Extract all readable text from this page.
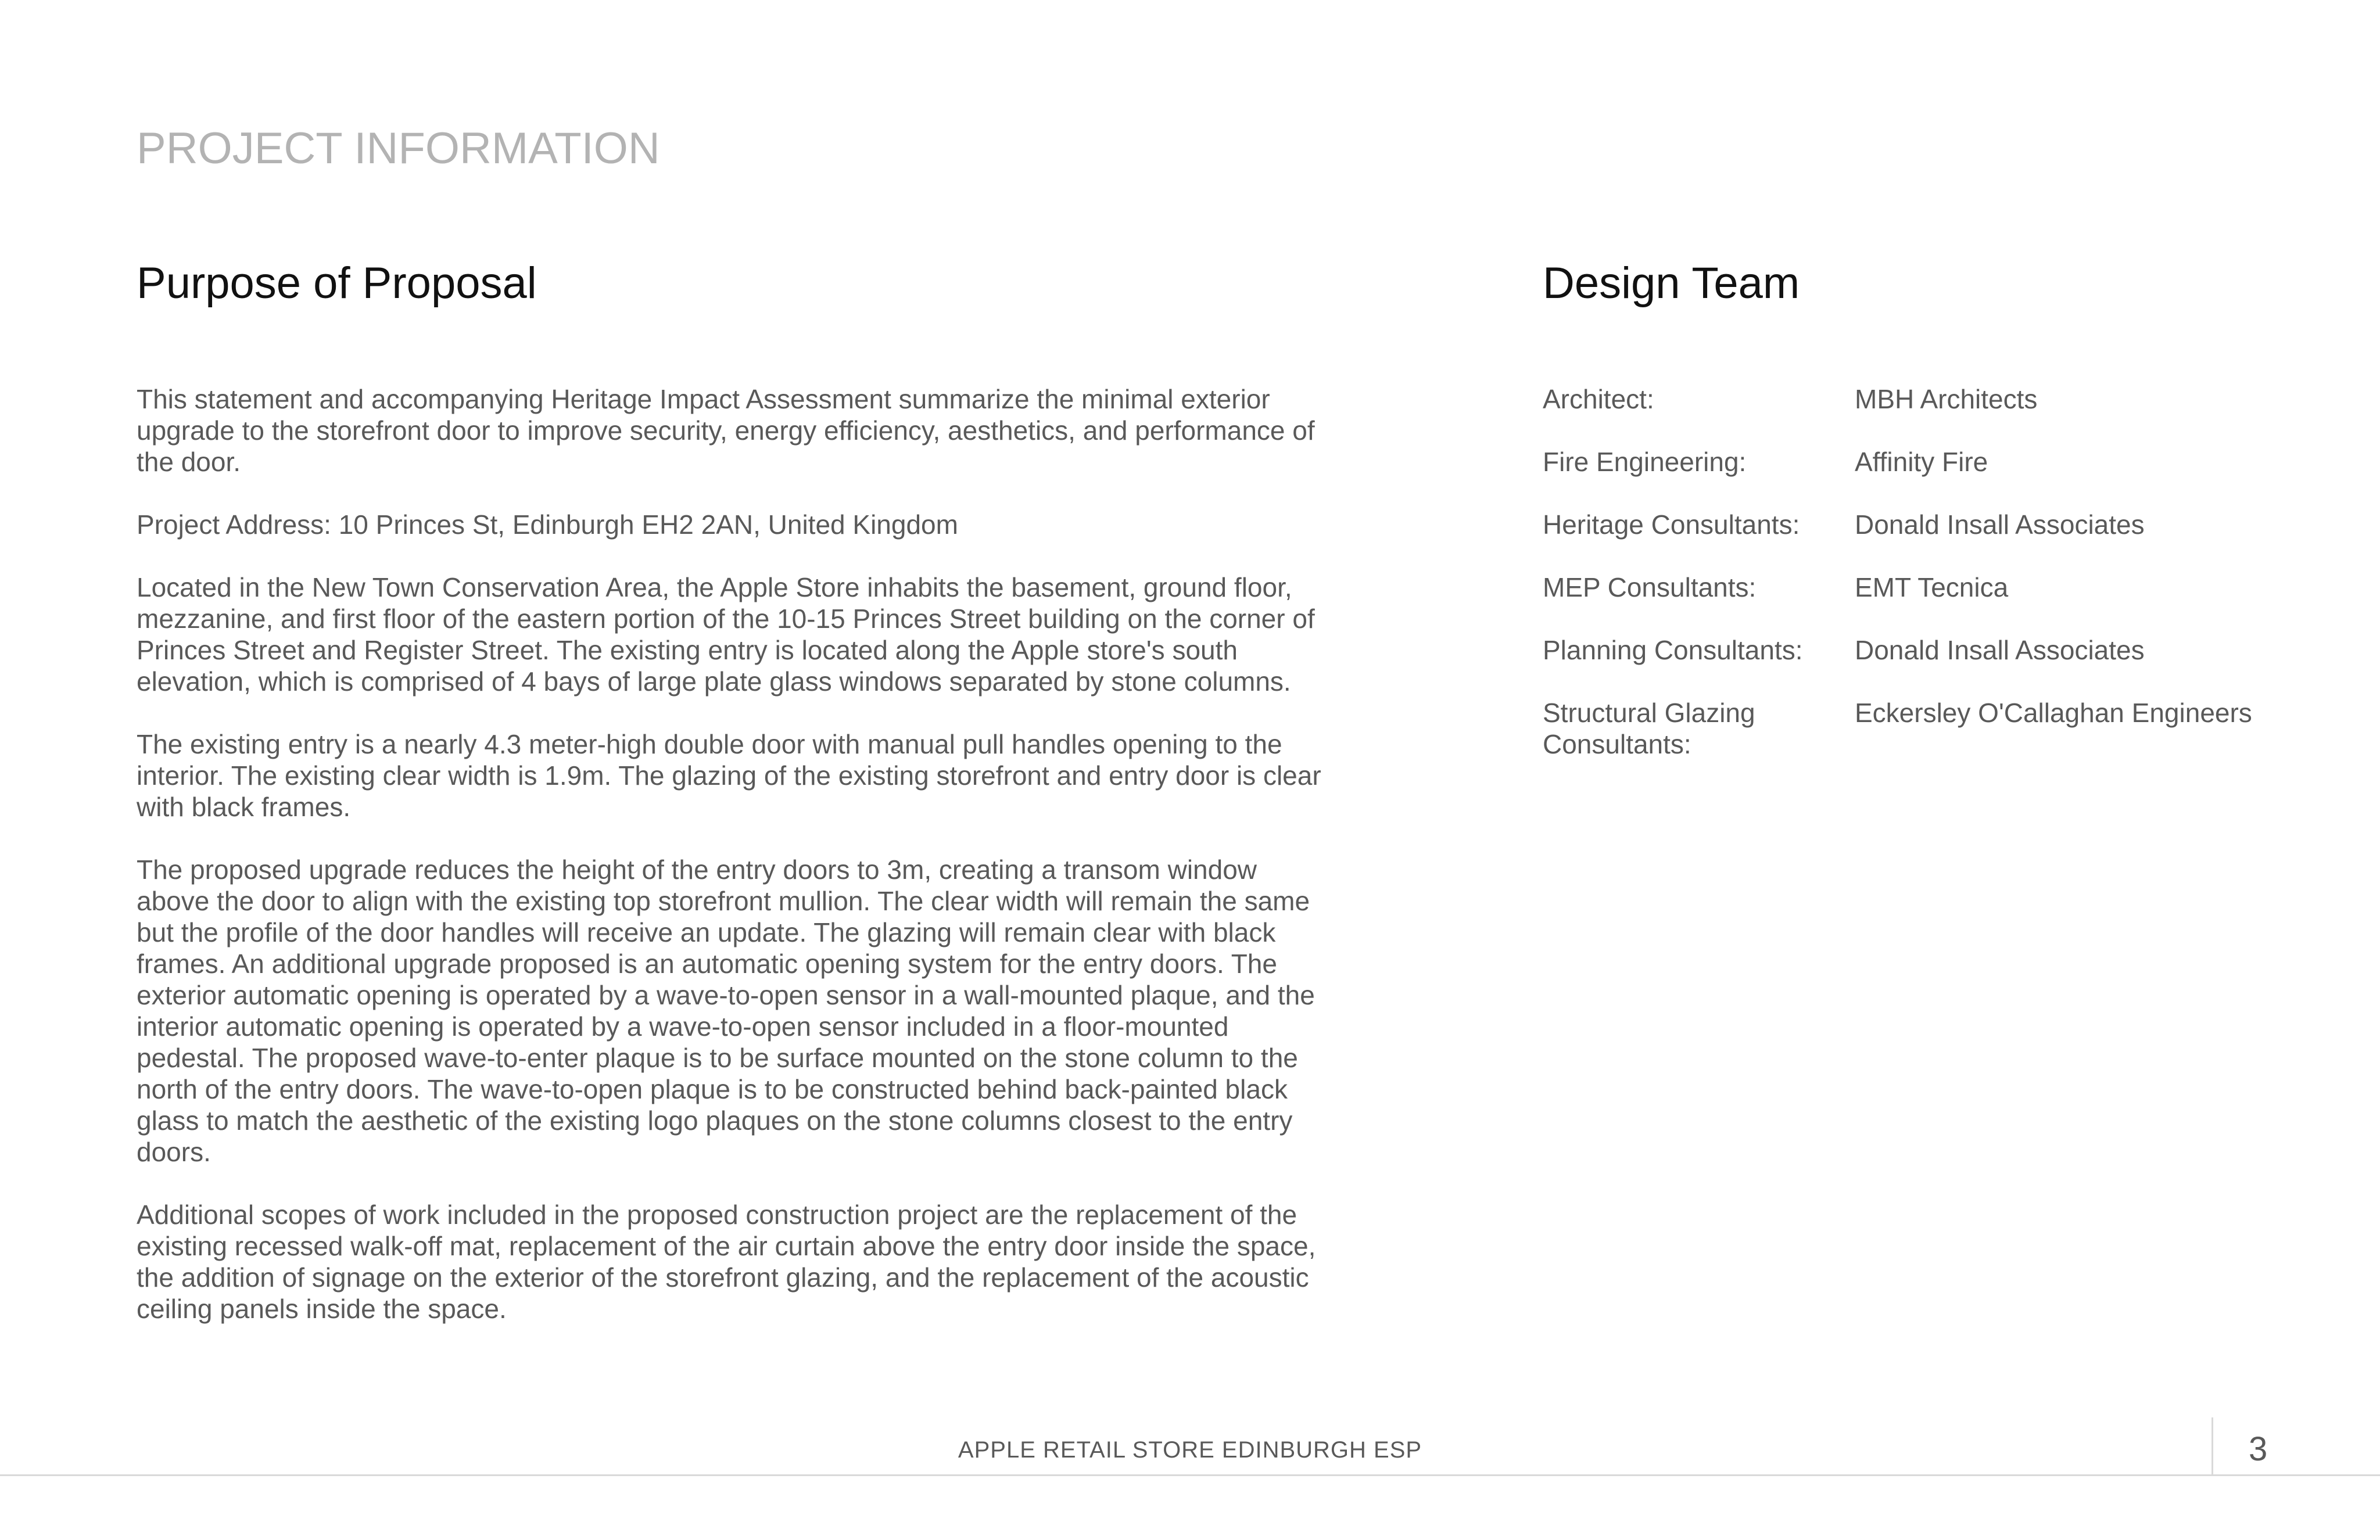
PROJECT INFORMATION
Purpose of Proposal	Design Team

This statement and accompanying Heritage Impact Assessment summarize the minimal exterior upgrade to the storefront door to improve security, energy efficiency, aesthetics, and performance of the door.

Project Address: 10 Princes St, Edinburgh EH2 2AN, United Kingdom

Located in the New Town Conservation Area, the Apple Store inhabits the basement, ground floor, mezzanine, and first floor of the eastern portion of the 10-15 Princes Street building on the corner of Princes Street and Register Street. The existing entry is located along the Apple store's south elevation, which is comprised of 4 bays of large plate glass windows separated by stone columns.

The existing entry is a nearly 4.3 meter-high double door with manual pull handles opening to the interior. The existing clear width is 1.9m. The glazing of the existing storefront and entry door is clear with black frames.

The proposed upgrade reduces the height of the entry doors to 3m, creating a transom window above the door to align with the existing top storefront mullion. The clear width will remain the same but the profile of the door handles will receive an update. The glazing will remain clear with black frames. An additional upgrade proposed is an automatic opening system for the entry doors. The exterior automatic opening is operated by a wave-to-open sensor in a wall-mounted plaque, and the interior automatic opening is operated by a wave-to-open sensor included in a floor-mounted pedestal. The proposed wave-to-enter plaque is to be surface mounted on the stone column to the north of the entry doors. The wave-to-open plaque is to be constructed behind back-painted black glass to match the aesthetic of the existing logo plaques on the stone columns closest to the entry doors.

Additional scopes of work included in the proposed construction project are the replacement of the existing recessed walk-off mat, replacement of the air curtain above the entry door inside the space, the addition of signage on the exterior of the storefront glazing, and the replacement of the acoustic ceiling panels inside the space.

Architect:	MBH Architects
Fire Engineering:	Affinity Fire
Heritage Consultants:	Donald Insall Associates
MEP Consultants:	EMT Tecnica
Planning Consultants:	Donald Insall Associates
Structural Glazing Consultants:
Eckersley O'Callaghan Engineers
APPLE RETAIL STORE EDINBURGH ESP	3
